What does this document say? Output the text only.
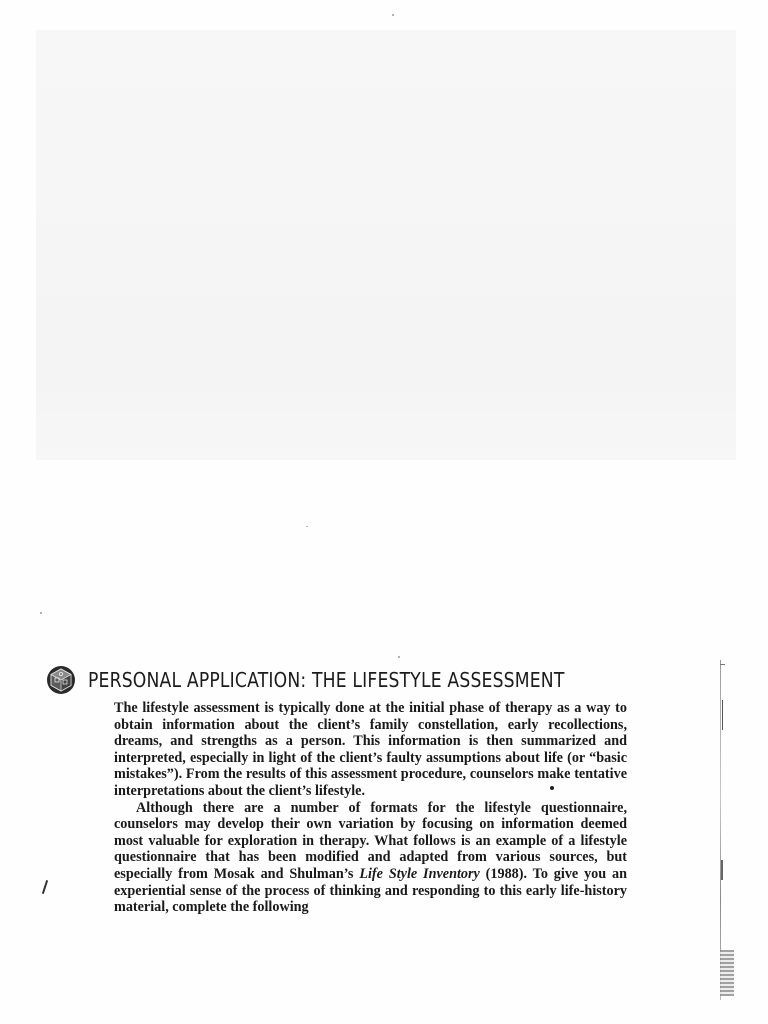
PERSONAL APPLICATION: THE LIFESTYLE ASSESSMENT

The lifestyle assessment is typically done at the initial phase of therapy as a way to obtain information about the client’s family constellation, early recollections, dreams, and strengths as a person. This information is then summarized and interpreted, especially in light of the client’s faulty assumptions about life (or “basic mistakes”). From the results of this assessment procedure, counselors make tentative interpretations about the client’s lifestyle.

Although there are a number of formats for the lifestyle questionnaire, counselors may develop their own variation by focusing on information deemed most valuable for exploration in therapy. What follows is an example of a lifestyle questionnaire that has been modified and adapted from various sources, but especially from Mosak and Shulman’s Life Style Inventory (1988). To give you an experiential sense of the process of thinking and responding to this early life-history material, complete the following
